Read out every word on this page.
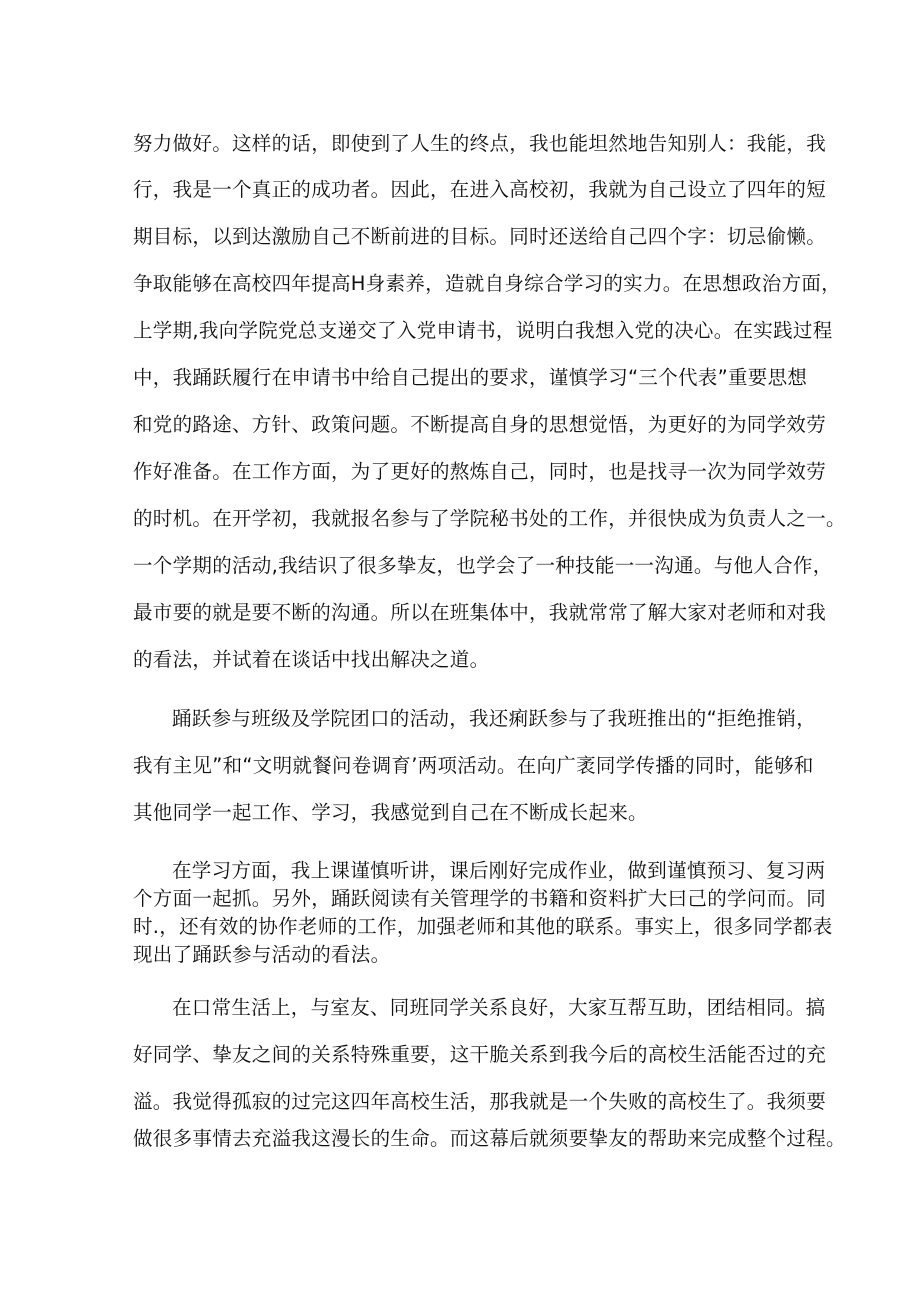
努力做好。这样的话，即使到了人生的终点，我也能坦然地告知别人：我能，我
行，我是一个真正的成功者。因此，在进入高校初，我就为自己设立了四年的短
期目标，以到达激励自己不断前进的目标。同时还送给自己四个字：切忌偷懒。
争取能够在高校四年提高H身素养，造就自身综合学习的实力。在思想政治方面，
上学期,我向学院党总支递交了入党申请书，说明白我想入党的决心。在实践过程
中，我踊跃履行在申请书中给自己提出的要求，谨慎学习“三个代表”重要思想
和党的路途、方针、政策问题。不断提高自身的思想觉悟，为更好的为同学效劳
作好准备。在工作方面，为了更好的熬炼自己，同时，也是找寻一次为同学效劳
的时机。在开学初，我就报名参与了学院秘书处的工作，并很快成为负责人之一。
一个学期的活动,我结识了很多挚友，也学会了一种技能一一沟通。与他人合作，
最市要的就是要不断的沟通。所以在班集体中，我就常常了解大家对老师和对我
的看法，并试着在谈话中找出解决之道。
踊跃参与班级及学院团口的活动，我还痢跃参与了我班推出的“拒绝推销，
我有主见”和“文明就餐问卷调育’两项活动。在向广袤同学传播的同时，能够和
其他同学一起工作、学习，我感觉到自己在不断成长起来。
在学习方面，我上课谨慎听讲，课后刚好完成作业，做到谨慎预习、复习两
个方面一起抓。另外，踊跃阅读有关管理学的书籍和资料扩大曰己的学问而。同
时.，还有效的协作老师的工作，加强老师和其他的联系。事实上，很多同学都表
现出了踊跃参与活动的看法。
在口常生活上，与室友、同班同学关系良好，大家互帮互助，团结相同。搞
好同学、挚友之间的关系特殊重要，这干脆关系到我今后的高校生活能否过的充
溢。我觉得孤寂的过完这四年高校生活，那我就是一个失败的高校生了。我须要
做很多事情去充溢我这漫长的生命。而这幕后就须要挚友的帮助来完成整个过程。
